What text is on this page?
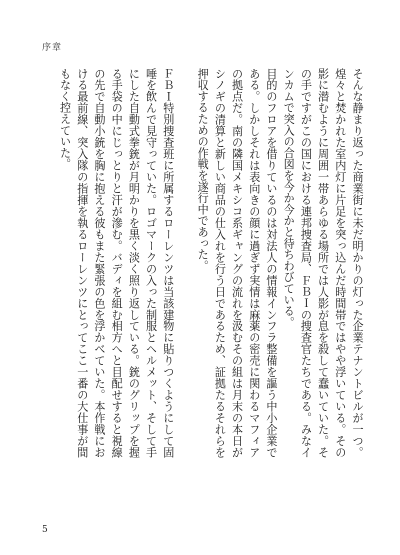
序章

そんな静まり返った商業街に未だ明かりの灯った企業テナントビルが一つ。煌々と焚かれた室内灯に片足を突っ込んだ時間帯ではやや浮いている。その影に潜むように周囲一帯あらゆる場所では人影が息を殺して蠢いていた。その手ですがこの国における連邦捜査局、ＦＢＩの捜査官たちである。みなインカムで突入の合図を今か今かと待ちわびている。

目的のフロアを借りているのは対法人の情報インフラ整備を謳う中小企業である。しかしそれは表向きの顔に過ぎず実情は麻薬の密売に関わるマフィアの拠点だ。南の隣国メキシコ系ギャングの流れを汲むその組は月末の本日がシノギの清算と新しい商品の仕入れを行う日であるため、証拠たるそれらを押収するための作戦を遂行中であった。

ＦＢＩ特別捜査班に所属するローレンツは当該建物に貼りつくようにして固唾を飲んで見守っていた。ロゴマークの入った制服とヘルメット、そして手にした自動式拳銃が月明かりを黒く淡く照り返している。銃のグリップを握る手袋の中にじっとりと汗が滲む。バディを組む相方へと目配せすると視線の先で自動小銃を胸に抱える彼もまた緊張の色を浮かべていた。本作戦における最前線、突入隊の指揮を執るローレンツにとってここ一番の大仕事が間もなく控えていた。

5
